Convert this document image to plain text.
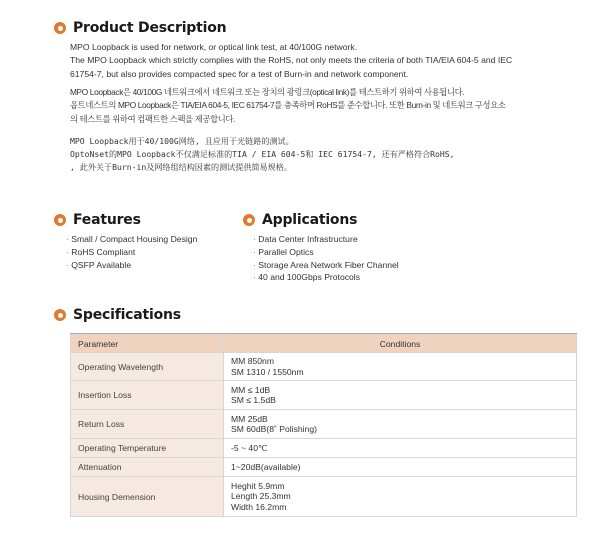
Product Description
MPO Loopback is used for network, or optical link test, at 40/100G network.
The MPO Loopback which strictly complies with the RoHS, not only meets the criteria of both TIA/EIA 604-5 and IEC
61754-7, but also provides compacted spec for a test of Burn-in and network component.
MPO Loopback은 40/100G 네트워크에서 네트워크 또는 장치의 광링크(optical link)를 테스트하기 위하여 사용됩니다.
옵트네스트의 MPO Loopback은 TIA/EIA 604-5, IEC 61754-7를 충족하며 RoHS를 준수합니다. 또한 Burn-in 및 네트워크 구성요소
의 테스트를 위하여 컴팩트한 스펙을 제공합니다.
MPO Loopback用于40/100G网络, 且应用于光链路的测试。
OptoNset的MPO Loopback不仅满足标准的TIA / EIA 604-5和 IEC 61754-7, 还有严格符合RoHS,
, 此外关于Burn-in及网络组结构因素的测试提供简易规格。
Features
· Small / Compact Housing Design
· RoHS Compliant
· QSFP Available
Applications
· Data Center Infrastructure
· Parallel Optics
· Storage Area Network Fiber Channel
· 40 and 100Gbps Protocols
Specifications
Parameter	Conditions
Operating Wavelength	MM 850nm
SM 1310 / 1550nm

Insertion Loss	MM ≤ 1dB
SM ≤ 1.5dB

Return Loss	MM 25dB
SM 60dB(8˚ Polishing)

Operating Temperature	-5 ~ 40℃

Attenuation	1~20dB(available)

Housing Demension	Heghit 5.9mm
Length 25.3mm
Width 16.2mm
